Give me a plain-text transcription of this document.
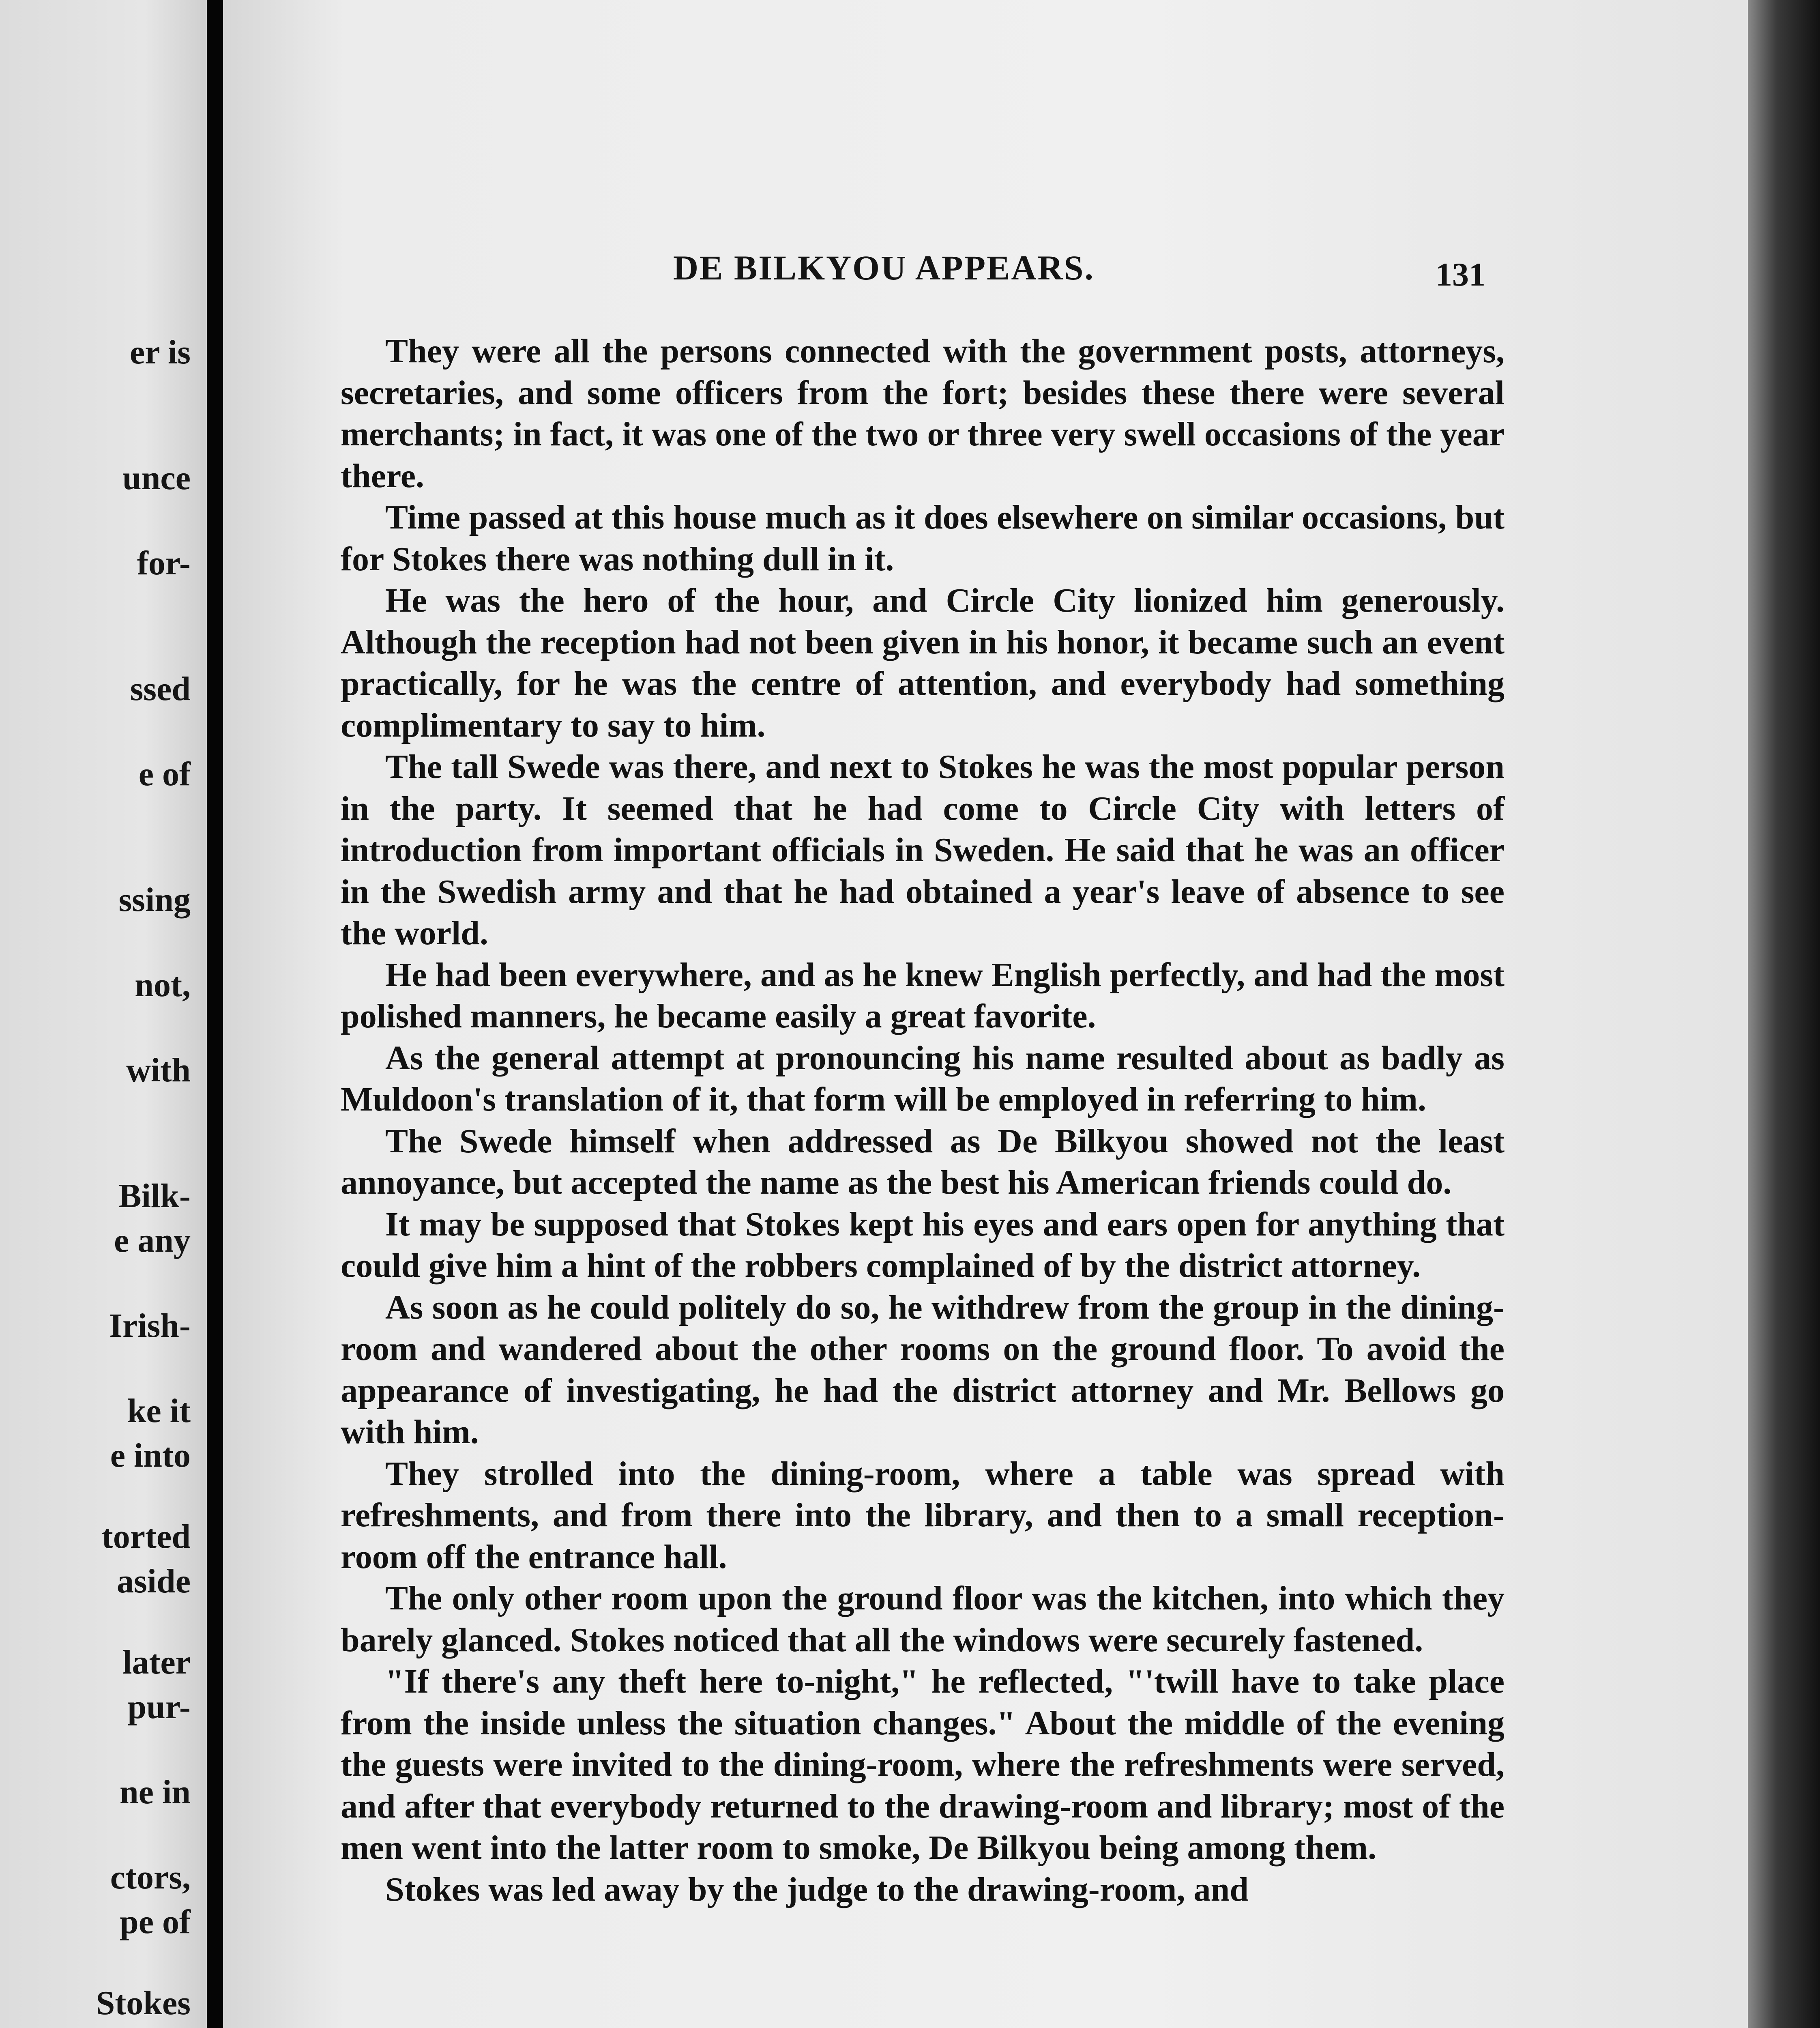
er is
unce
for-
ssed
e of
ssing
not,
with
Bilk-
e any
Irish-
ke it
e into
torted
aside
later
pur-
ne in
ctors,
pe of
Stokes
DE BILKYOU APPEARS.	131

They were all the persons connected with the government posts, attorneys, secretaries, and some officers from the fort; besides these there were several merchants; in fact, it was one of the two or three very swell occasions of the year there.

Time passed at this house much as it does elsewhere on similar occasions, but for Stokes there was nothing dull in it.

He was the hero of the hour, and Circle City lionized him generously. Although the reception had not been given in his honor, it became such an event practically, for he was the centre of attention, and everybody had something complimentary to say to him.

The tall Swede was there, and next to Stokes he was the most popular person in the party. It seemed that he had come to Circle City with letters of introduction from important officials in Sweden. He said that he was an officer in the Swedish army and that he had obtained a year's leave of absence to see the world.

He had been everywhere, and as he knew English perfectly, and had the most polished manners, he became easily a great favorite.

As the general attempt at pronouncing his name resulted about as badly as Muldoon's translation of it, that form will be employed in referring to him.

The Swede himself when addressed as De Bilkyou showed not the least annoyance, but accepted the name as the best his American friends could do.

It may be supposed that Stokes kept his eyes and ears open for anything that could give him a hint of the robbers complained of by the district attorney.

As soon as he could politely do so, he withdrew from the group in the dining-room and wandered about the other rooms on the ground floor. To avoid the appearance of investigating, he had the district attorney and Mr. Bellows go with him.

They strolled into the dining-room, where a table was spread with refreshments, and from there into the library, and then to a small reception-room off the entrance hall.

The only other room upon the ground floor was the kitchen, into which they barely glanced. Stokes noticed that all the windows were securely fastened.

"If there's any theft here to-night," he reflected, "'twill have to take place from the inside unless the situation changes." About the middle of the evening the guests were invited to the dining-room, where the refreshments were served, and after that everybody returned to the drawing-room and library; most of the men went into the latter room to smoke, De Bilkyou being among them.

Stokes was led away by the judge to the drawing-room, and
